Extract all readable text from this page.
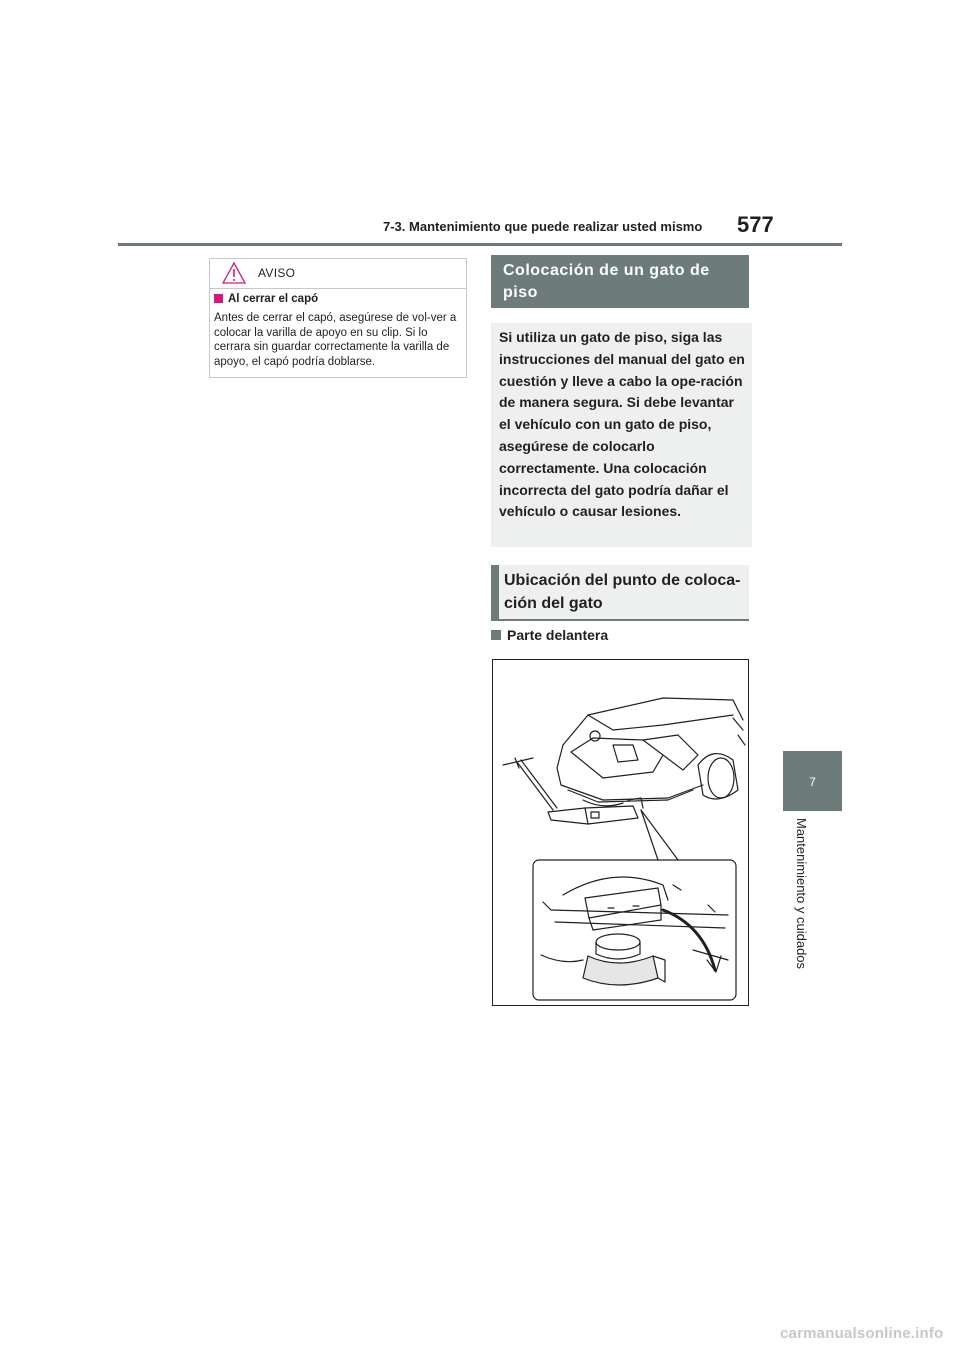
7-3. Mantenimiento que puede realizar usted mismo 577
7
Mantenimiento y cuidados
AVISO
Al cerrar el capó
Antes de cerrar el capó, asegúrese de vol-ver a colocar la varilla de apoyo en su clip. Si lo cerrara sin guardar correctamente la varilla de apoyo, el capó podría doblarse.
Colocación de un gato de piso
Si utiliza un gato de piso, siga las instrucciones del manual del gato en cuestión y lleve a cabo la ope-ración de manera segura. Si debe levantar el vehículo con un gato de piso, asegúrese de colocarlo correctamente. Una colocación incorrecta del gato podría dañar el vehículo o causar lesiones.
Ubicación del punto de coloca-ción del gato
Parte delantera
carmanualsonline.info
